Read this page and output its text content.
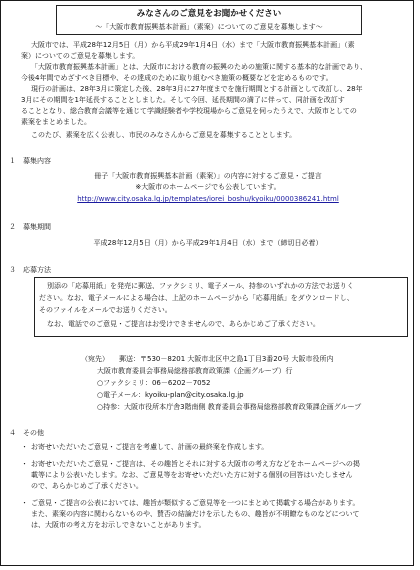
みなさんのご意見をお聞かせください
～「大阪市教育振興基本計画」（素案）についてのご意見を募集します～
大阪市では、平成28年12月5日（月）から平成29年1月4日（水）まで「大阪市教育振興基本計画」（素
案）についてのご意見を募集します。
「大阪市教育振興基本計画」とは、大阪市における教育の振興のための施策に関する基本的な計画であり、
今後4年間でめざすべき目標や、その達成のために取り組むべき施策の概要などを定めるものです。
現行の計画は、28年3月に策定した後、28年3月に27年度までを施行期間とする計画として改訂し、28年
3月にその期間を1年延長することとしました。そして今回、延長期間の満了に伴って、同計画を改訂す
ることとなり、総合教育会議等を通じて学識経験者や学校現場からご意見を伺ったうえで、大阪市としての
素案をまとめました。
このたび、素案を広く公表し、市民のみなさんからご意見を募集することとします。
１　募集内容
冊子「大阪市教育振興基本計画（素案）」の内容に対するご意見・ご提言
※大阪市のホームページでも公表しています。
http://www.city.osaka.lg.jp/templates/iorei_boshu/kyoiku/0000386241.html
２　募集期間
平成28年12月5日（月）から平成29年1月4日（水）まで（締切日必着）
３　応募方法
別添の「応募用紙」を発売に郵送、ファクシミリ、電子メール、持参のいずれかの方法でお送りく
ださい。なお、電子メールによる場合は、上記のホームページから「応募用紙」をダウンロードし、
そのファイルをメールでお送りください。
なお、電話でのご意見・ご提言はお受けできませんので、あらかじめご了承ください。
（宛先） 郵送：〒530－8201 大阪市北区中之島1丁目3番20号 大阪市役所内
大阪市教育委員会事務局総務部教育政策課（企画グループ）行
○ファクシミリ：06－6202－7052
○電子メール：kyoiku-plan@city.osaka.lg.jp
○持参：大阪市役所本庁舎3階南側 教育委員会事務局総務部教育政策課企画グループ
４　その他
・ お寄せいただいたご意見・ご提言を考慮して、計画の最終案を作成します。
・ お寄せいただいたご意見・ご提言は、その趣旨とそれに対する大阪市の考え方などをホームページへの掲
載等により公表いたします。なお、ご意見等をお寄せいただいた方に対する個別の回答はいたしません
ので、あらかじめご了承ください。
・ ご意見・ご提言の公表においては、趣旨が類似するご意見等を一つにまとめて掲載する場合があります。
また、素案の内容に関わらないものや、賛否の結論だけを示したもの、趣旨が不明瞭なものなどについて
は、大阪市の考え方をお示しできないことがあります。
